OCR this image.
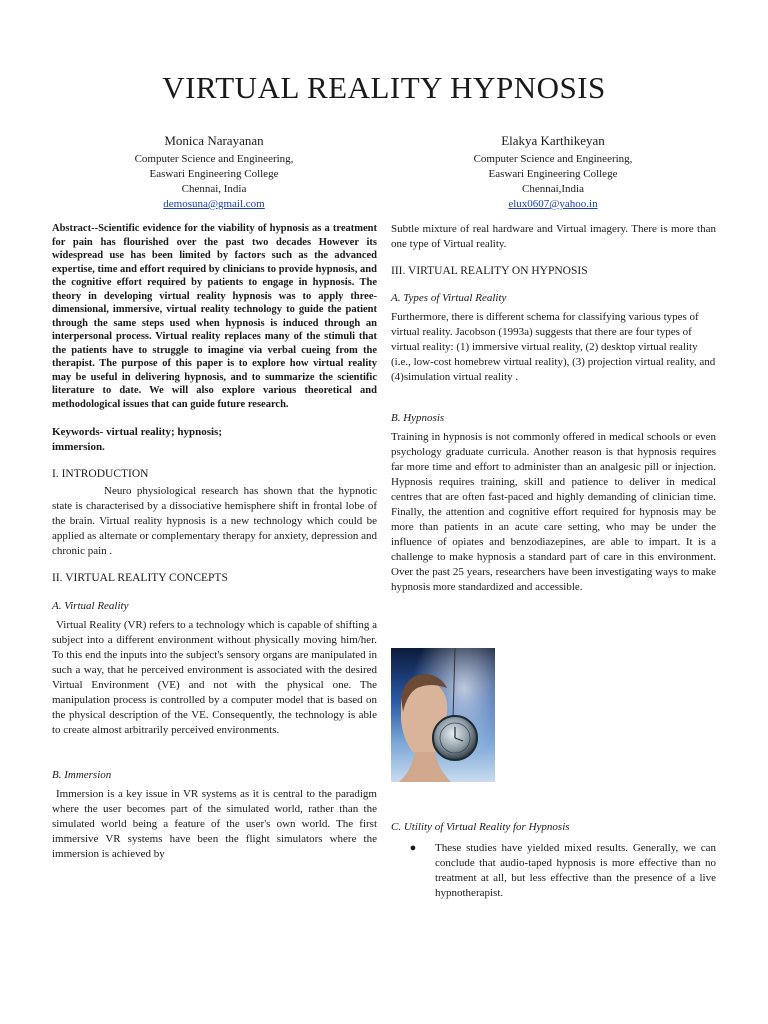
VIRTUAL REALITY HYPNOSIS
Monica Narayanan
Computer Science and Engineering,
Easwari Engineering College
Chennai, India
demosuna@gmail.com
Elakya Karthikeyan
Computer Science and Engineering,
Easwari Engineering College
Chennai,India
elux0607@yahoo.in

Abstract--Scientific evidence for the viability of hypnosis as a treatment for pain has flourished over the past two decades However its widespread use has been limited by factors such as the advanced expertise, time and effort required by clinicians to provide hypnosis, and the cognitive effort required by patients to engage in hypnosis. The theory in developing virtual reality hypnosis was to apply three-dimensional, immersive, virtual reality technology to guide the patient through the same steps used when hypnosis is induced through an interpersonal process. Virtual reality replaces many of the stimuli that the patients have to struggle to imagine via verbal cueing from the therapist. The purpose of this paper is to explore how virtual reality may be useful in delivering hypnosis, and to summarize the scientific literature to date. We will also explore various theoretical and methodological issues that can guide future research.

Keywords- virtual reality; hypnosis;

immersion.

I. INTRODUCTION

Neuro physiological research has shown that the hypnotic state is characterised by a dissociative hemisphere shift in frontal lobe of the brain. Virtual reality hypnosis is a new technology which could be applied as alternate or complementary therapy for anxiety, depression and chronic pain .

II. VIRTUAL REALITY CONCEPTS

A. Virtual Reality

Virtual Reality (VR) refers to a technology which is capable of shifting a subject into a different environment without physically moving him/her. To this end the inputs into the subject's sensory organs are manipulated in such a way, that he perceived environment is associated with the desired Virtual Environment (VE) and not with the physical one. The manipulation process is controlled by a computer model that is based on the physical description of the VE. Consequently, the technology is able to create almost arbitrarily perceived environments.

B. Immersion

Immersion is a key issue in VR systems as it is central to the paradigm where the user becomes part of the simulated world, rather than the simulated world being a feature of the user's own world. The first immersive VR systems have been the flight simulators where the immersion is achieved by

Subtle mixture of real hardware and Virtual imagery. There is more than one type of Virtual reality.

III. VIRTUAL REALITY ON HYPNOSIS

A. Types of Virtual Reality

Furthermore, there is different schema for classifying various types of virtual reality. Jacobson (1993a) suggests that there are four types of virtual reality: (1) immersive virtual reality, (2) desktop virtual reality (i.e., low-cost homebrew virtual reality), (3) projection virtual reality, and (4)simulation virtual reality .

B. Hypnosis

Training in hypnosis is not commonly offered in medical schools or even psychology graduate curricula. Another reason is that hypnosis requires far more time and effort to administer than an analgesic pill or injection. Hypnosis requires training, skill and patience to deliver in medical centres that are often fast-paced and highly demanding of clinician time. Finally, the attention and cognitive effort required for hypnosis may be more than patients in an acute care setting, who may be under the influence of opiates and benzodiazepines, are able to impart. It is a challenge to make hypnosis a standard part of care in this environment. Over the past 25 years, researchers have been investigating ways to make hypnosis more standardized and accessible.

C. Utility of Virtual Reality for Hypnosis

●	These studies have yielded mixed results. Generally, we can conclude that audio-taped hypnosis is more effective than no treatment at all, but less effective than the presence of a live hypnotherapist.
